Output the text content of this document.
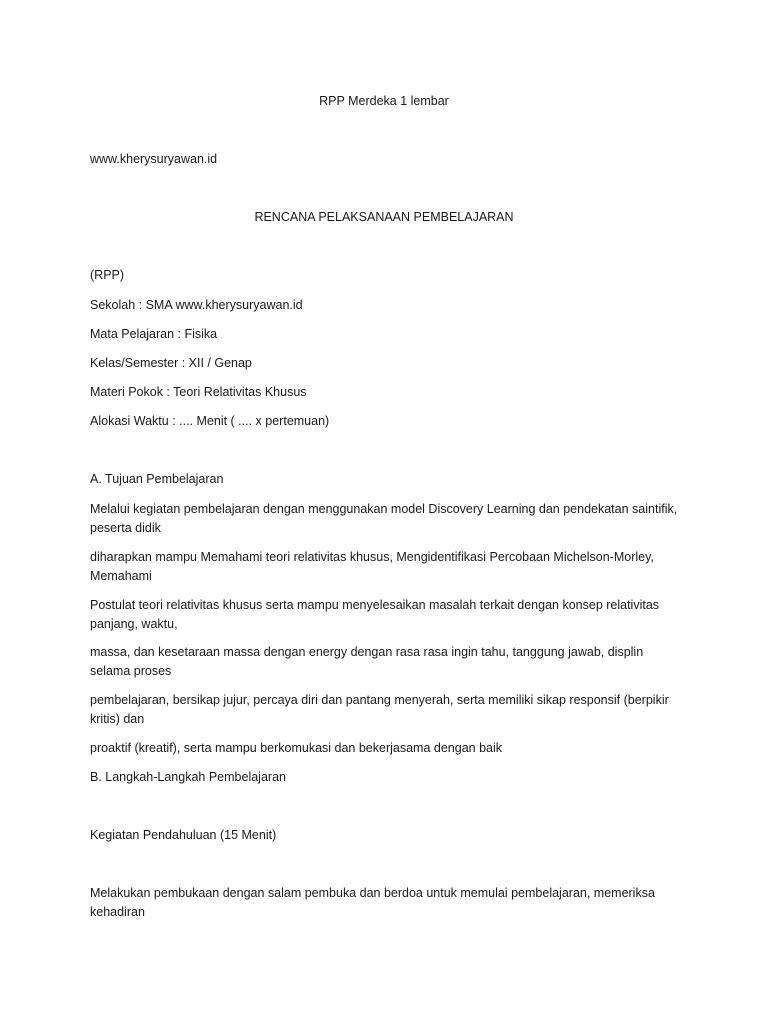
RPP Merdeka 1 lembar
www.kherysuryawan.id
RENCANA PELAKSANAAN PEMBELAJARAN
(RPP)
Sekolah : SMA www.kherysuryawan.id
Mata Pelajaran : Fisika
Kelas/Semester : XII / Genap
Materi Pokok : Teori Relativitas Khusus
Alokasi Waktu : .... Menit ( .... x pertemuan)
A. Tujuan Pembelajaran
Melalui kegiatan pembelajaran dengan menggunakan model Discovery Learning dan pendekatan saintifik, peserta didik
diharapkan mampu Memahami teori relativitas khusus, Mengidentifikasi Percobaan Michelson-Morley, Memahami
Postulat teori relativitas khusus serta mampu menyelesaikan masalah terkait dengan konsep relativitas panjang, waktu,
massa, dan kesetaraan massa dengan energy dengan rasa rasa ingin tahu, tanggung jawab, displin selama proses
pembelajaran, bersikap jujur, percaya diri dan pantang menyerah, serta memiliki sikap responsif (berpikir kritis) dan
proaktif (kreatif), serta mampu berkomukasi dan bekerjasama dengan baik
B. Langkah-Langkah Pembelajaran
Kegiatan Pendahuluan (15 Menit)
Melakukan pembukaan dengan salam pembuka dan berdoa untuk memulai pembelajaran, memeriksa kehadiran
